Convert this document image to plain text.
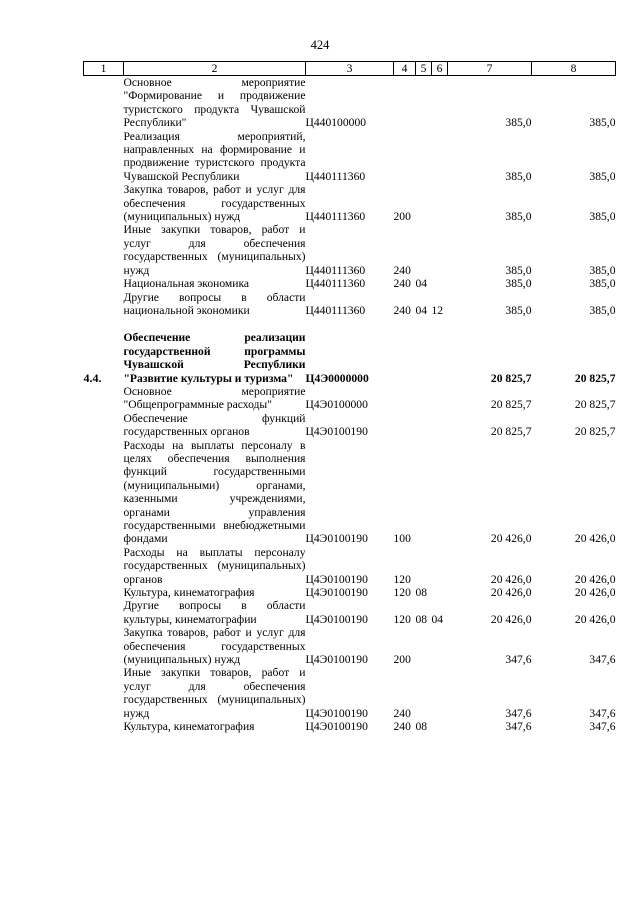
424
1	2	3	4	5	6	7	8
	Основное мероприятие "Формирование и продвижение туристского продукта Чувашской Республики"	Ц440100000				385,0	385,0
	Реализация мероприятий, направленных на формирование и продвижение туристского продукта Чувашской Республики	Ц440111360				385,0	385,0
	Закупка товаров, работ и услуг для обеспечения государственных (муниципальных) нужд	Ц440111360	200			385,0	385,0
	Иные закупки товаров, работ и услуг для обеспечения государственных (муниципальных) нужд	Ц440111360	240			385,0	385,0
	Национальная экономика	Ц440111360	240	04		385,0	385,0
	Другие вопросы в области национальной экономики	Ц440111360	240	04	12	385,0	385,0

4.4.	Обеспечение реализации государственной программы Чувашской Республики "Развитие культуры и туризма"	Ц4Э0000000				20 825,7	20 825,7
	Основное мероприятие "Общепрограммные расходы"	Ц4Э0100000				20 825,7	20 825,7
	Обеспечение функций государственных органов	Ц4Э0100190				20 825,7	20 825,7
	Расходы на выплаты персоналу в целях обеспечения выполнения функций государственными (муниципальными) органами, казенными учреждениями, органами управления государственными внебюджетными фондами	Ц4Э0100190	100			20 426,0	20 426,0
	Расходы на выплаты персоналу государственных (муниципальных) органов	Ц4Э0100190	120			20 426,0	20 426,0
	Культура, кинематография	Ц4Э0100190	120	08		20 426,0	20 426,0
	Другие вопросы в области культуры, кинематографии	Ц4Э0100190	120	08	04	20 426,0	20 426,0
	Закупка товаров, работ и услуг для обеспечения государственных (муниципальных) нужд	Ц4Э0100190	200			347,6	347,6
	Иные закупки товаров, работ и услуг для обеспечения государственных (муниципальных) нужд	Ц4Э0100190	240			347,6	347,6
	Культура, кинематография	Ц4Э0100190	240	08		347,6	347,6
